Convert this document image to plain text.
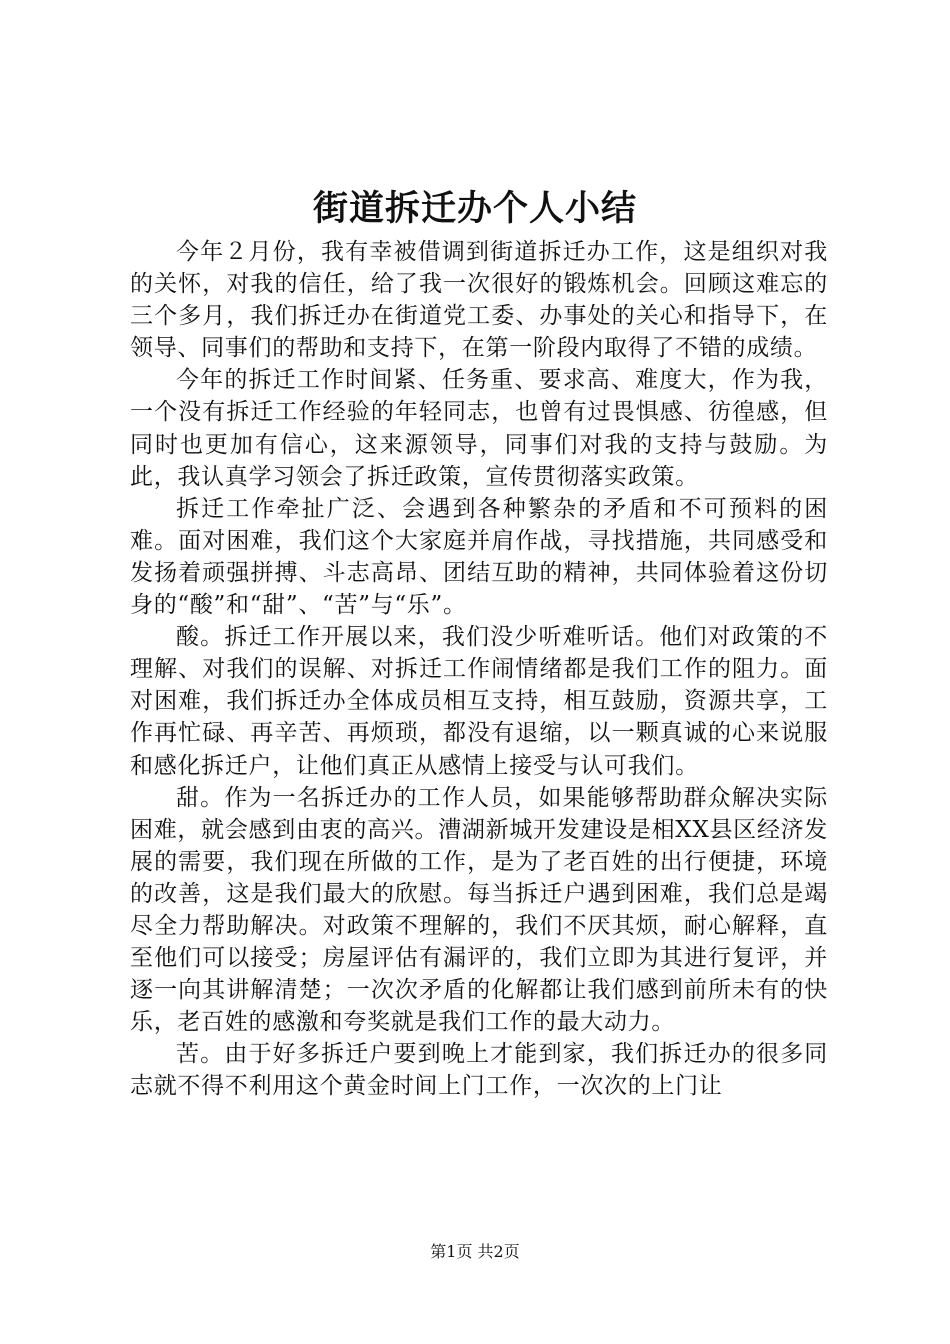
街道拆迁办个人小结

今年２月份，我有幸被借调到街道拆迁办工作，这是组织对我的关怀，对我的信任，给了我一次很好的锻炼机会。回顾这难忘的三个多月，我们拆迁办在街道党工委、办事处的关心和指导下，在领导、同事们的帮助和支持下，在第一阶段内取得了不错的成绩。

今年的拆迁工作时间紧、任务重、要求高、难度大，作为我，一个没有拆迁工作经验的年轻同志，也曾有过畏惧感、彷徨感，但同时也更加有信心，这来源领导，同事们对我的支持与鼓励。为此，我认真学习领会了拆迁政策，宣传贯彻落实政策。

拆迁工作牵扯广泛、会遇到各种繁杂的矛盾和不可预料的困难。面对困难，我们这个大家庭并肩作战，寻找措施，共同感受和发扬着顽强拼搏、斗志高昂、团结互助的精神，共同体验着这份切身的“酸”和“甜”、“苦”与“乐”。

酸。拆迁工作开展以来，我们没少听难听话。他们对政策的不理解、对我们的误解、对拆迁工作闹情绪都是我们工作的阻力。面对困难，我们拆迁办全体成员相互支持，相互鼓励，资源共享，工作再忙碌、再辛苦、再烦琐，都没有退缩，以一颗真诚的心来说服和感化拆迁户，让他们真正从感情上接受与认可我们。

甜。作为一名拆迁办的工作人员，如果能够帮助群众解决实际困难，就会感到由衷的高兴。漕湖新城开发建设是相XX县区经济发展的需要，我们现在所做的工作，是为了老百姓的出行便捷，环境的改善，这是我们最大的欣慰。每当拆迁户遇到困难，我们总是竭尽全力帮助解决。对政策不理解的，我们不厌其烦，耐心解释，直至他们可以接受；房屋评估有漏评的，我们立即为其进行复评，并逐一向其讲解清楚；一次次矛盾的化解都让我们感到前所未有的快乐，老百姓的感激和夸奖就是我们工作的最大动力。

苦。由于好多拆迁户要到晚上才能到家，我们拆迁办的很多同志就不得不利用这个黄金时间上门工作，一次次的上门让

第1页 共2页
